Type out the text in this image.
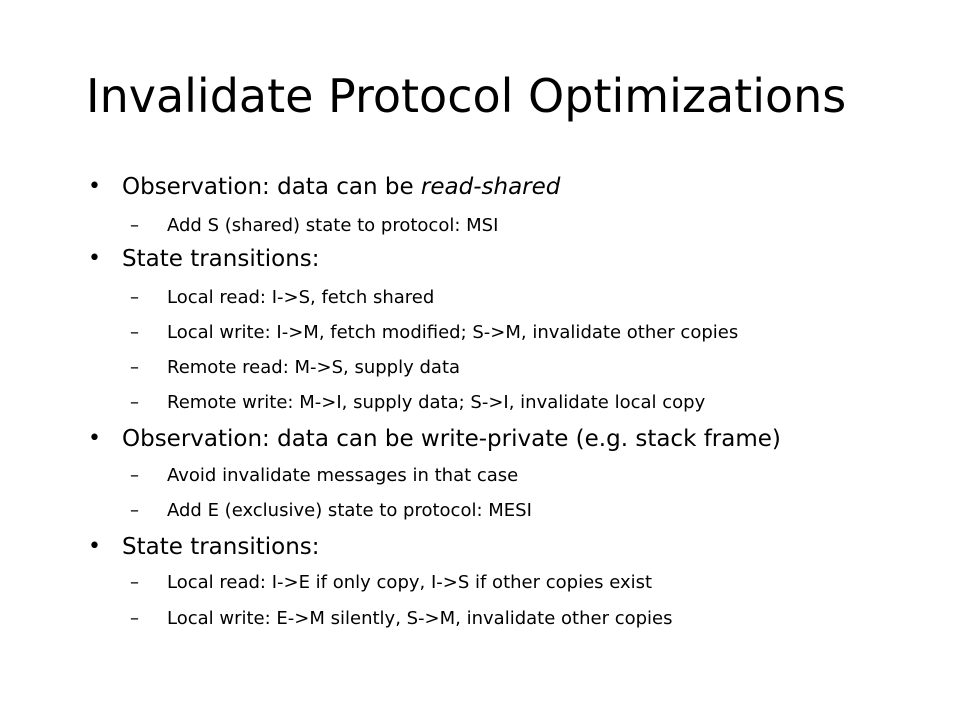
Invalidate Protocol Optimizations
• Observation: data can be read-shared
– Add S (shared) state to protocol: MSI
• State transitions:
– Local read: I->S, fetch shared
– Local write: I->M, fetch modified; S->M, invalidate other copies
– Remote read: M->S, supply data
– Remote write: M->I, supply data; S->I, invalidate local copy
• Observation: data can be write-private (e.g. stack frame)
– Avoid invalidate messages in that case
– Add E (exclusive) state to protocol: MESI
• State transitions:
– Local read: I->E if only copy, I->S if other copies exist
– Local write: E->M silently, S->M, invalidate other copies
